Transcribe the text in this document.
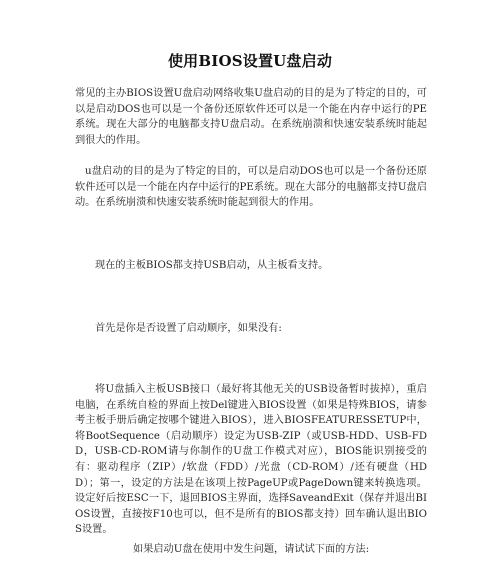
使用BIOS设置U盘启动

常见的主办BIOS设置U盘启动网络收集U盘启动的目的是为了特定的目的，可以是启动DOS也可以是一个备份还原软件还可以是一个能在内存中运行的PE系统。现在大部分的电脑都支持U盘启动。在系统崩溃和快速安装系统时能起到很大的作用。

u盘启动的目的是为了特定的目的，可以是启动DOS也可以是一个备份还原软件还可以是一个能在内存中运行的PE系统。现在大部分的电脑都支持U盘启动。在系统崩溃和快速安装系统时能起到很大的作用。

现在的主板BIOS都支持USB启动，从主板看支持。

首先是你是否设置了启动顺序，如果没有:

将U盘插入主板USB接口（最好将其他无关的USB设备暂时拔掉），重启电脑，在系统自检的界面上按Del键进入BIOS设置（如果是特殊BIOS，请参考主板手册后确定按哪个键进入BIOS），进入BIOSFEATURESSETUP中，将BootSequence（启动顺序）设定为USB-ZIP（或USB-HDD、USB-FDD，USB-CD-ROM请与你制作的U盘工作模式对应），BIOS能识别接受的有：驱动程序（ZIP）/软盘（FDD）/光盘（CD-ROM）/还有硬盘（HDD）；第一，设定的方法是在该项上按PageUP或PageDown键来转换选项。设定好后按ESC一下，退回BIOS主界面，选择SaveandExit（保存并退出BIOS设置，直接按F10也可以，但不是所有的BIOS都支持）回车确认退出BIOS设置。

如果启动U盘在使用中发生问题，请试试下面的方法:
